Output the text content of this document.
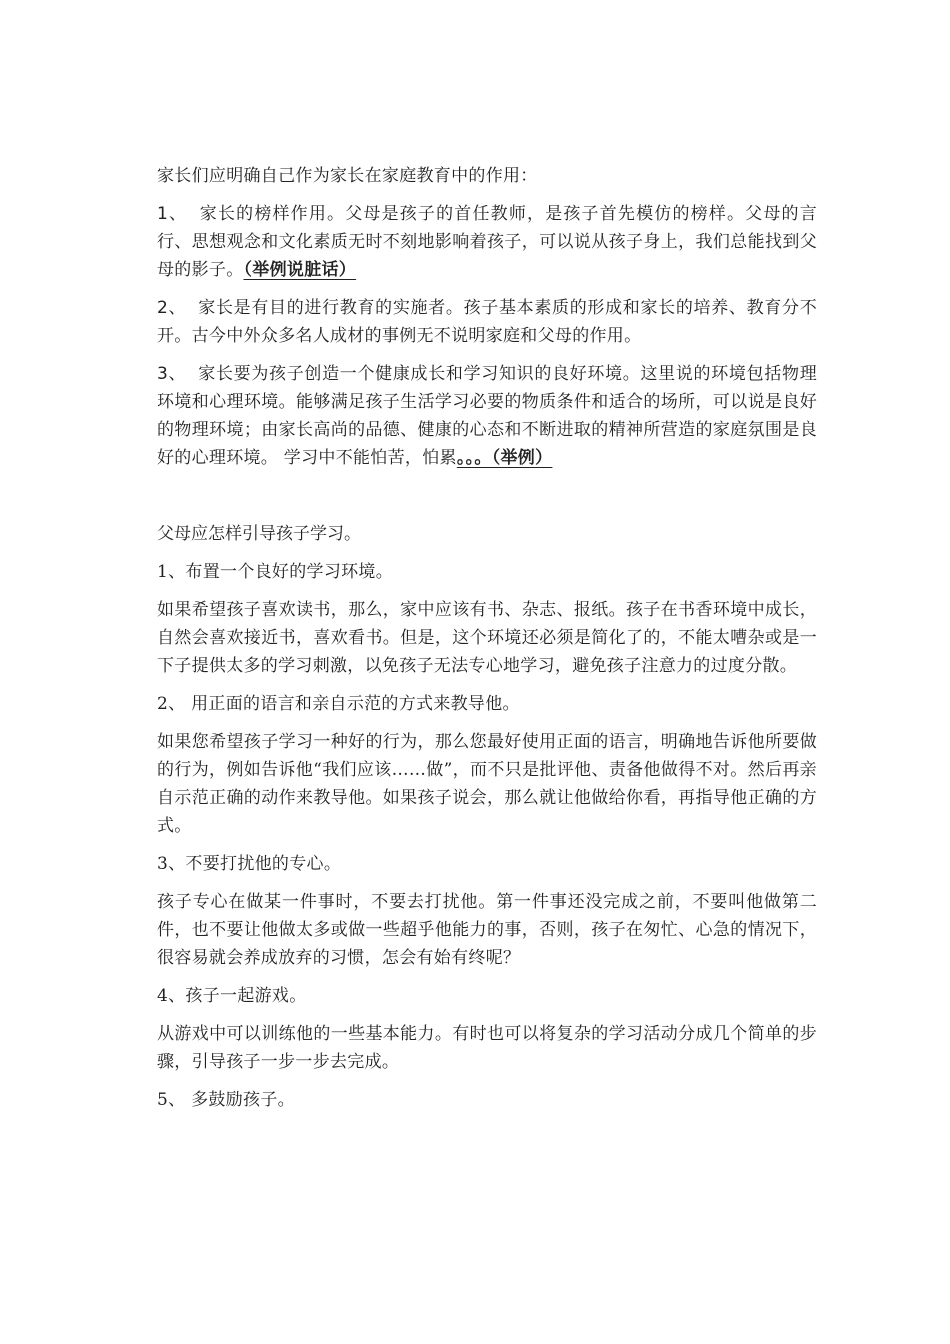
家长们应明确自己作为家长在家庭教育中的作用：

1、 家长的榜样作用。父母是孩子的首任教师，是孩子首先模仿的榜样。父母的言行、思想观念和文化素质无时不刻地影响着孩子，可以说从孩子身上，我们总能找到父母的影子。（举例说脏话）

2、 家长是有目的进行教育的实施者。孩子基本素质的形成和家长的培养、教育分不开。古今中外众多名人成材的事例无不说明家庭和父母的作用。

3、 家长要为孩子创造一个健康成长和学习知识的良好环境。这里说的环境包括物理环境和心理环境。能够满足孩子生活学习必要的物质条件和适合的场所，可以说是良好的物理环境；由家长高尚的品德、健康的心态和不断进取的精神所营造的家庭氛围是良好的心理环境。 学习中不能怕苦，怕累。。。（举例）

父母应怎样引导孩子学习。

1、布置一个良好的学习环境。

如果希望孩子喜欢读书，那么，家中应该有书、杂志、报纸。孩子在书香环境中成长，自然会喜欢接近书，喜欢看书。但是，这个环境还必须是简化了的，不能太嘈杂或是一下子提供太多的学习刺激，以免孩子无法专心地学习，避免孩子注意力的过度分散。

2、 用正面的语言和亲自示范的方式来教导他。

如果您希望孩子学习一种好的行为，那么您最好使用正面的语言，明确地告诉他所要做的行为，例如告诉他“我们应该……做”，而不只是批评他、责备他做得不对。然后再亲自示范正确的动作来教导他。如果孩子说会，那么就让他做给你看，再指导他正确的方式。

3、不要打扰他的专心。

孩子专心在做某一件事时，不要去打扰他。第一件事还没完成之前，不要叫他做第二件，也不要让他做太多或做一些超乎他能力的事，否则，孩子在匆忙、心急的情况下，很容易就会养成放弃的习惯，怎会有始有终呢？

4、孩子一起游戏。

从游戏中可以训练他的一些基本能力。有时也可以将复杂的学习活动分成几个简单的步骤，引导孩子一步一步去完成。

5、 多鼓励孩子。
